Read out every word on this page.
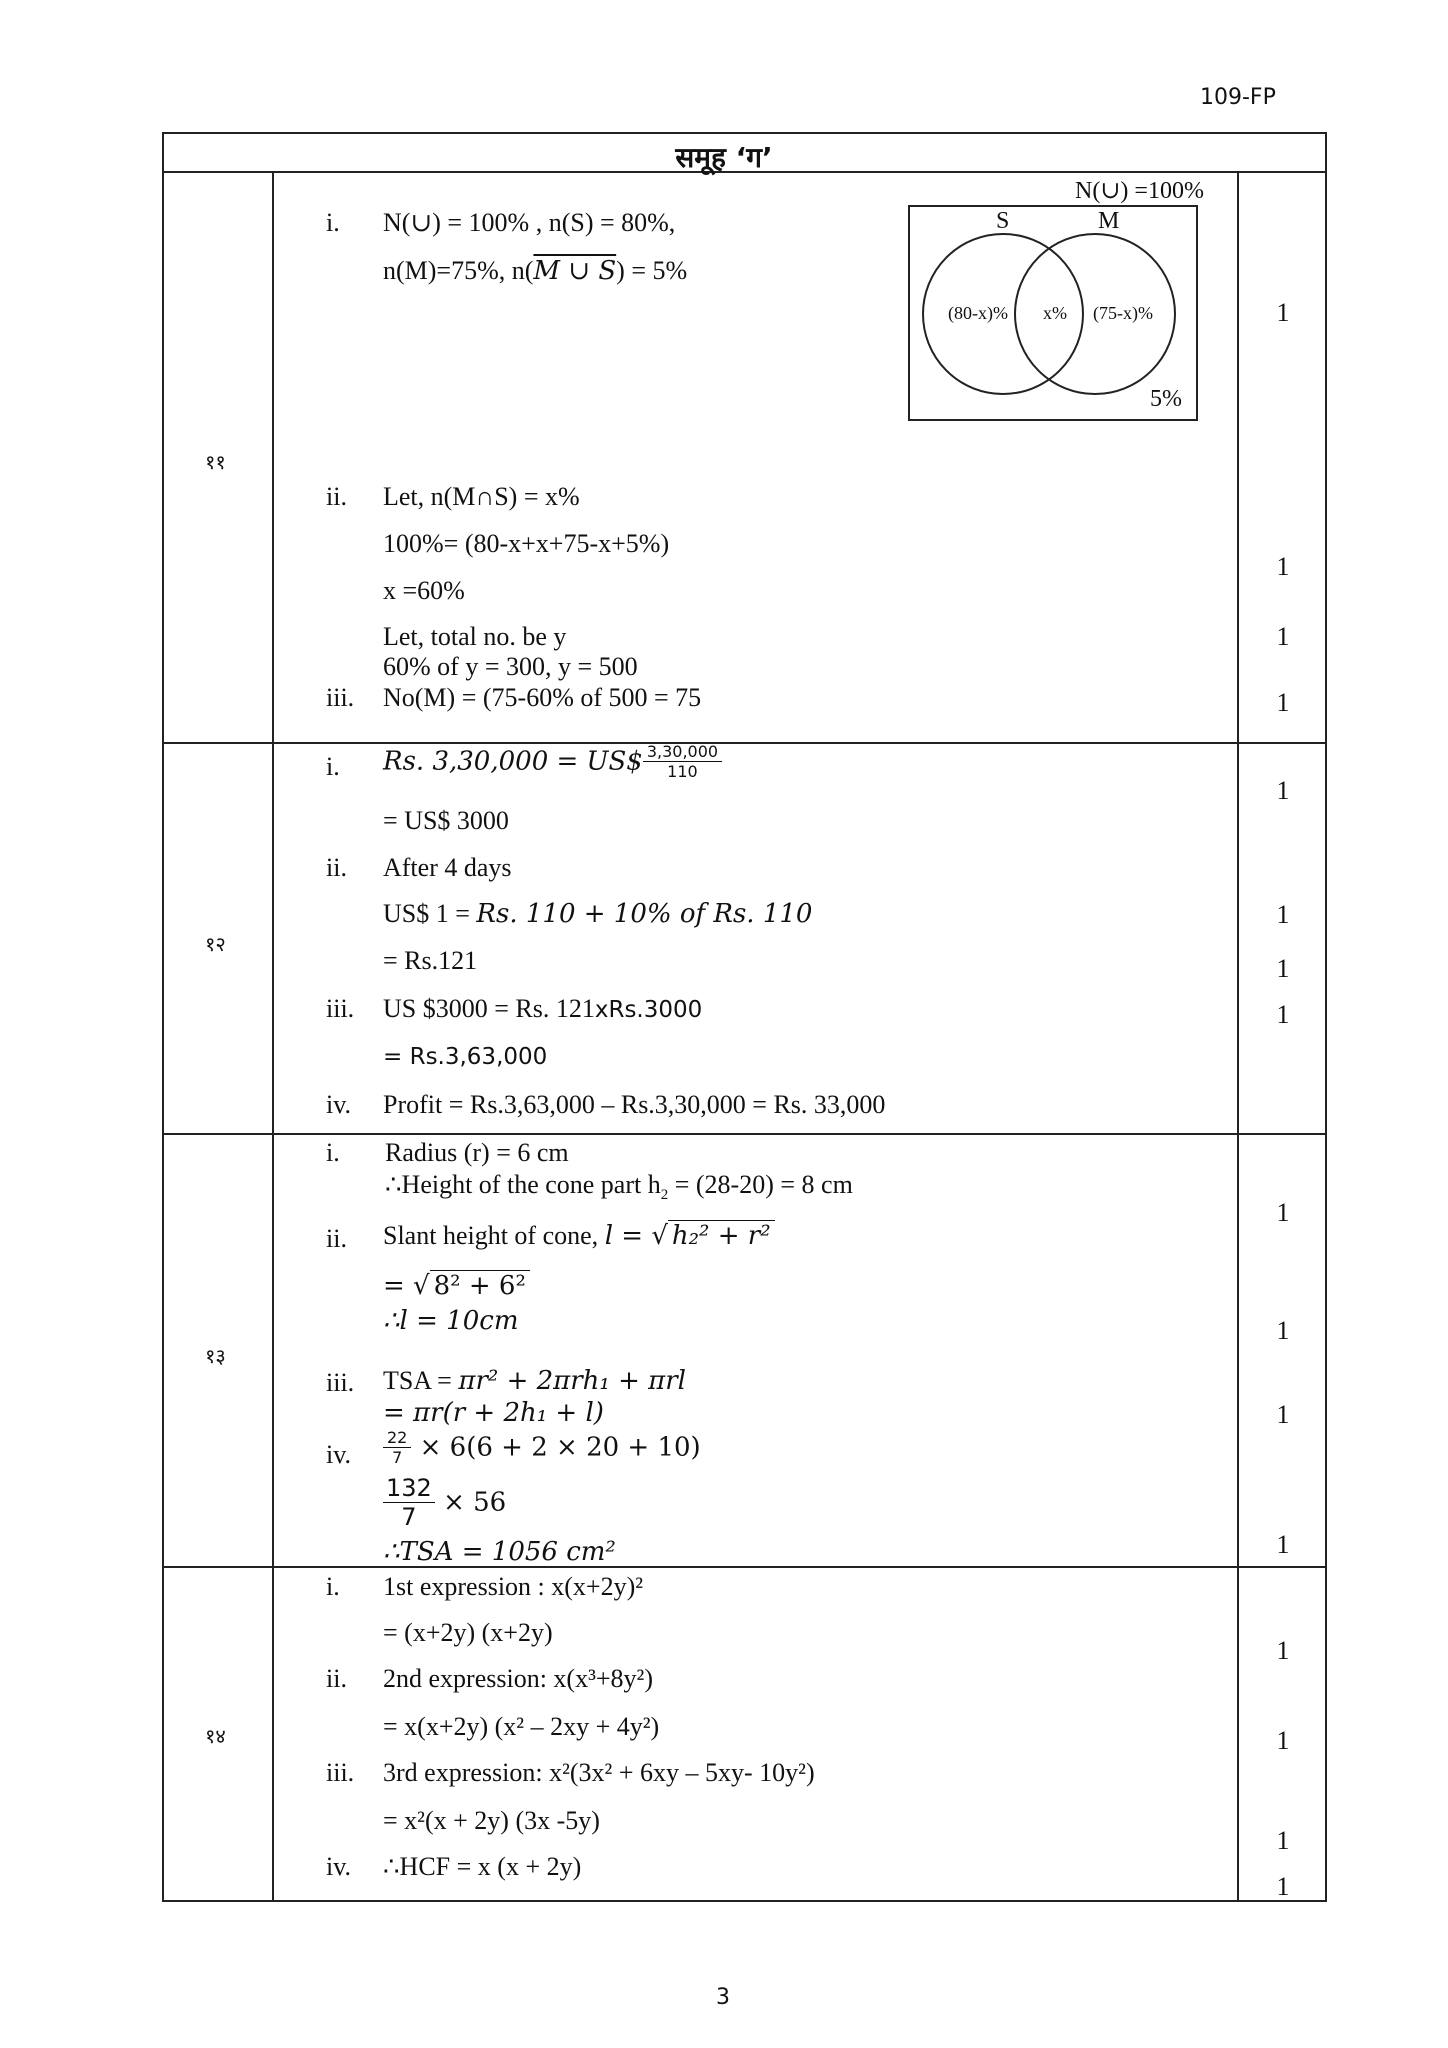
109-FP
समूह ‘ग’
N(∪) =100%
S	M
(80-x)% x% (75-x)%
5%
११
i. N(∪) = 100% , n(S) = 80%,
n(M)=75%, n(M ∪ S) = 5%
ii. Let, n(M∩S) = x%
100%= (80-x+x+75-x+5%)
x =60%
Let, total no. be y
60% of y = 300, y = 500
iii. No(M) = (75-60% of 500 = 75
1
1
1
1
१२
i. Rs. 3,30,000 = US$ $\frac{3,30,000}{110}$
= US$ 3000
ii. After 4 days
US$ 1 = Rs. 110 + 10% of Rs. 110
= Rs.121
iii. US $3000 = Rs. 121xRs.3000
= Rs.3,63,000
iv. Profit = Rs.3,63,000 – Rs.3,30,000 = Rs. 33,000
1
1
1
1
१३
i. Radius (r) = 6 cm
∴Height of the cone part $h_2 = (28-20) = 8$ cm
ii. Slant height of cone, l = √ h₂² + r²
= √ 8² + 6²
∴l = 10cm
iii. TSA = πr² + 2πrh₁ + πrl
= πr(r + 2h₁ + l)
iv. $\frac{22}{7} \times 6(6 + 2 \times 20 + 10)$
$\frac{132}{7} \times 56$
∴TSA = 1056 cm²
1
1
1
1
१४
i. 1st expression : x(x+2y)²
= (x+2y) (x+2y)
ii. 2nd expression: x(x³+8y²)
= x(x+2y) (x² – 2xy + 4y²)
iii. 3rd expression: x²(3x² + 6xy – 5xy- 10y²)
= x²(x + 2y) (3x -5y)
iv. ∴HCF = x (x + 2y)
1
1
1
1
3
